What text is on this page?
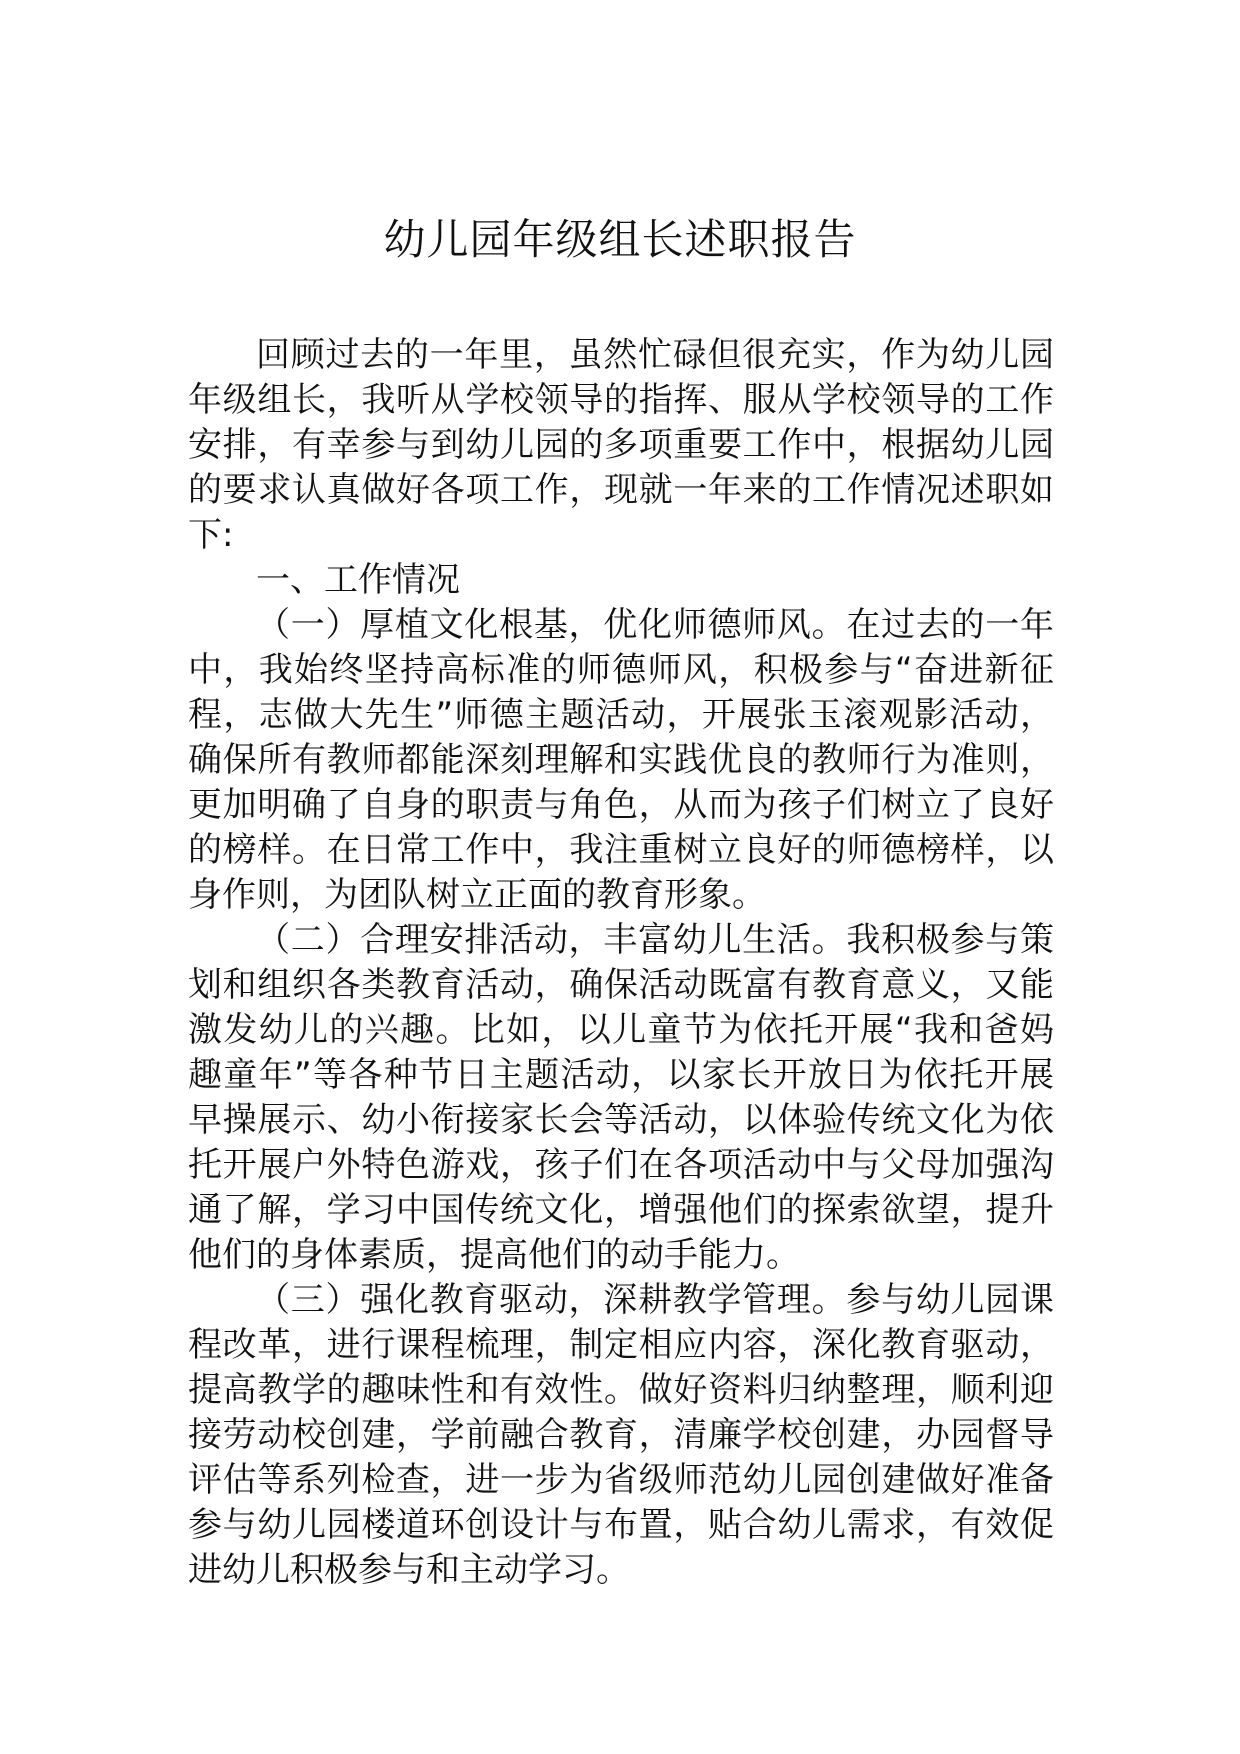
幼儿园年级组长述职报告

回顾过去的一年里，虽然忙碌但很充实，作为幼儿园年级组长，我听从学校领导的指挥、服从学校领导的工作安排，有幸参与到幼儿园的多项重要工作中，根据幼儿园的要求认真做好各项工作，现就一年来的工作情况述职如下:

一、工作情况

（一）厚植文化根基，优化师德师风。在过去的一年中，我始终坚持高标准的师德师风，积极参与“奋进新征程，志做大先生”师德主题活动，开展张玉滚观影活动，确保所有教师都能深刻理解和实践优良的教师行为准则，更加明确了自身的职责与角色，从而为孩子们树立了良好的榜样。在日常工作中，我注重树立良好的师德榜样，以身作则，为团队树立正面的教育形象。

（二）合理安排活动，丰富幼儿生活。我积极参与策划和组织各类教育活动，确保活动既富有教育意义，又能激发幼儿的兴趣。比如，以儿童节为依托开展“我和爸妈趣童年”等各种节日主题活动，以家长开放日为依托开展早操展示、幼小衔接家长会等活动，以体验传统文化为依托开展户外特色游戏，孩子们在各项活动中与父母加强沟通了解，学习中国传统文化，增强他们的探索欲望，提升他们的身体素质，提高他们的动手能力。

（三）强化教育驱动，深耕教学管理。参与幼儿园课程改革，进行课程梳理，制定相应内容，深化教育驱动，提高教学的趣味性和有效性。做好资料归纳整理，顺利迎接劳动校创建，学前融合教育，清廉学校创建，办园督导评估等系列检查，进一步为省级师范幼儿园创建做好准备参与幼儿园楼道环创设计与布置，贴合幼儿需求，有效促进幼儿积极参与和主动学习。
